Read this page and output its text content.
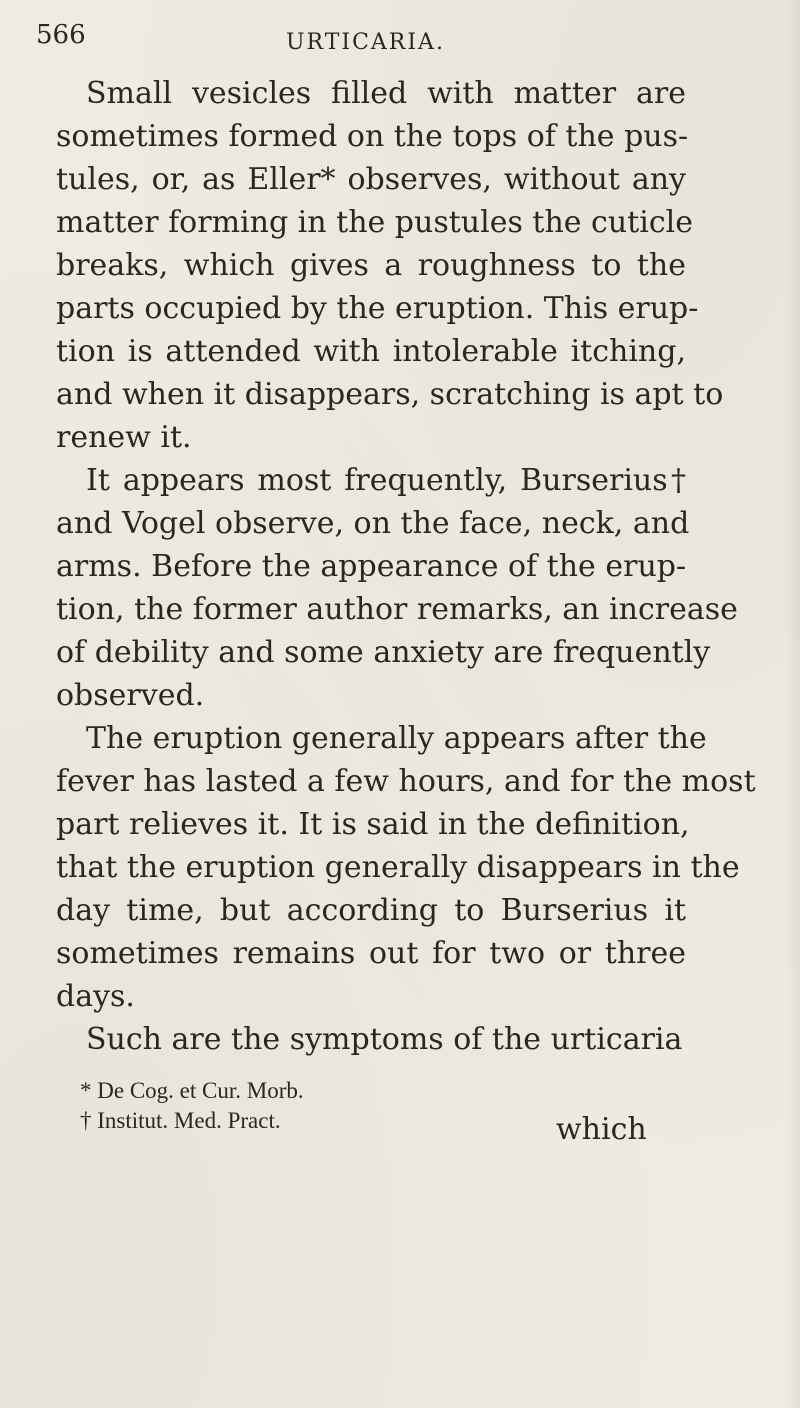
566	URTICARIA.
Small vesicles filled with matter are
sometimes formed on the tops of the pus-
tules, or, as Eller* observes, without any
matter forming in the pustules the cuticle
breaks, which gives a roughness to the
parts occupied by the eruption. This erup-
tion is attended with intolerable itching,
and when it disappears, scratching is apt to
renew it.
It appears most frequently, Burserius†
and Vogel observe, on the face, neck, and
arms. Before the appearance of the erup-
tion, the former author remarks, an increase
of debility and some anxiety are frequently
observed.
The eruption generally appears after the
fever has lasted a few hours, and for the most
part relieves it. It is said in the definition,
that the eruption generally disappears in the
day time, but according to Burserius it
sometimes remains out for two or three
days.
Such are the symptoms of the urticaria
* De Cog. et Cur. Morb.
† Institut. Med. Pract.	which
